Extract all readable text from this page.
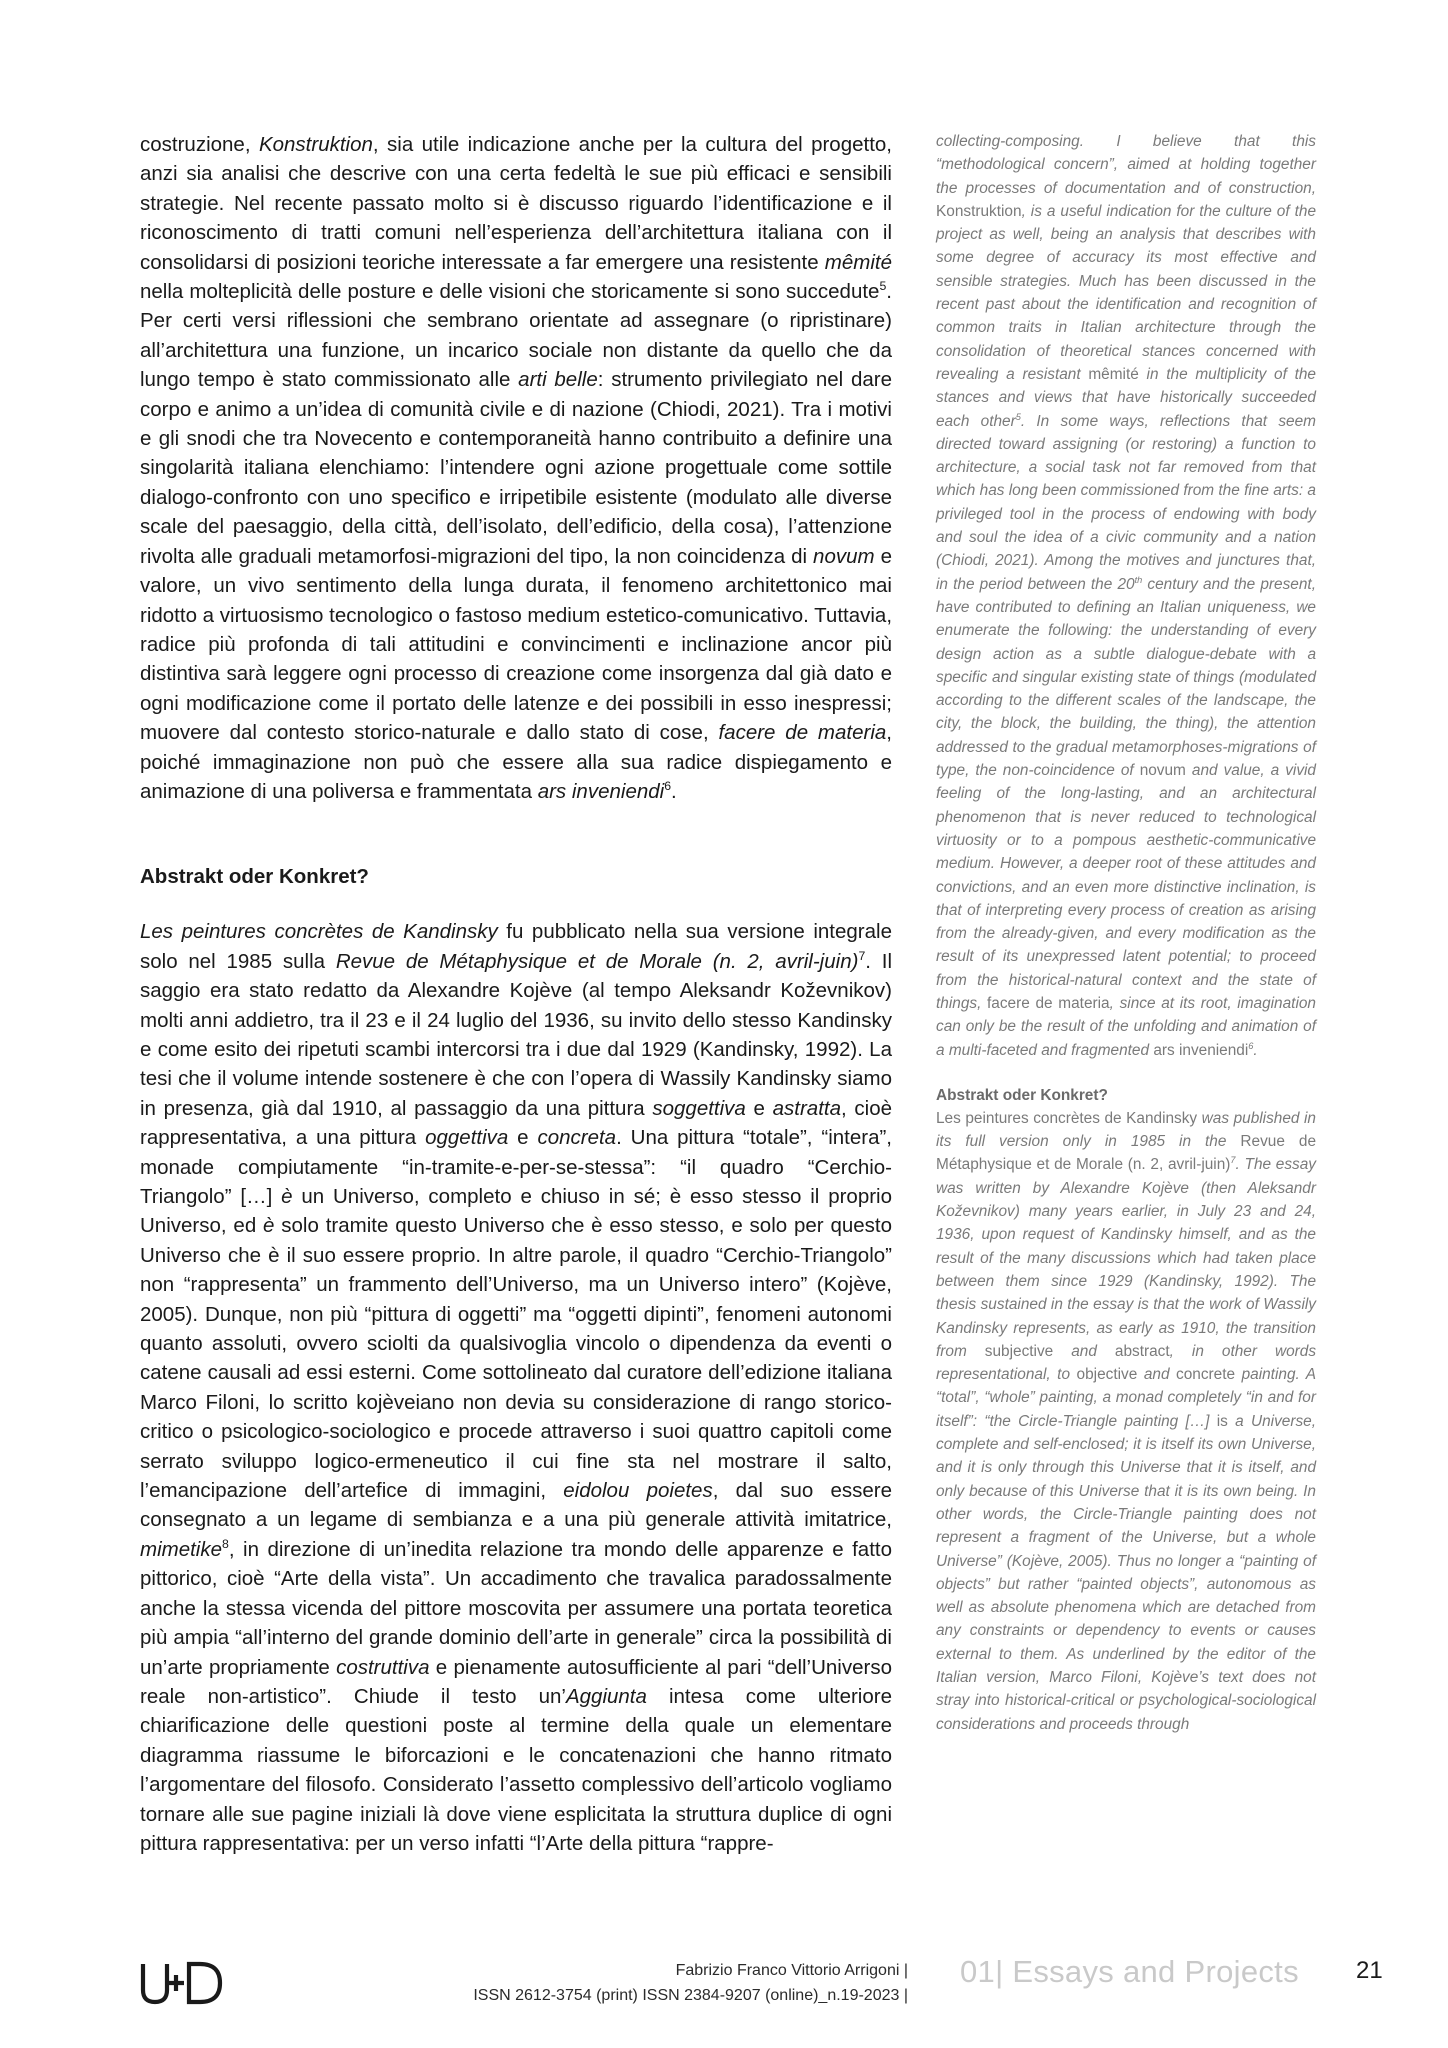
costruzione, Konstruktion, sia utile indicazione anche per la cultura del progetto, anzi sia analisi che descrive con una certa fedeltà le sue più efficaci e sensibili strategie. Nel recente passato molto si è discusso riguardo l’identificazione e il riconoscimento di tratti comuni nell’esperienza dell’architettura italiana con il consolidarsi di posizioni teoriche interessate a far emergere una resistente mêmité nella molteplicità delle posture e delle visioni che storicamente si sono succedute$^5$. Per certi versi riflessioni che sembrano orientate ad assegnare (o ripristinare) all’architettura una funzione, un incarico sociale non distante da quello che da lungo tempo è stato commissionato alle arti belle: strumento privilegiato nel dare corpo e animo a un’idea di comunità civile e di nazione (Chiodi, 2021). Tra i motivi e gli snodi che tra Novecento e contemporaneità hanno contribuito a definire una singolarità italiana elenchiamo: l’intendere ogni azione progettuale come sottile dialogo-confronto con uno specifico e irripetibile esistente (modulato alle diverse scale del paesaggio, della città, dell’isolato, dell’edificio, della cosa), l’attenzione rivolta alle graduali metamorfosi-migrazioni del tipo, la non coincidenza di novum e valore, un vivo sentimento della lunga durata, il fenomeno architettonico mai ridotto a virtuosismo tecnologico o fastoso medium estetico-comunicativo. Tuttavia, radice più profonda di tali attitudini e convincimenti e inclinazione ancor più distintiva sarà leggere ogni processo di creazione come insorgenza dal già dato e ogni modificazione come il portato delle latenze e dei possibili in esso inespressi; muovere dal contesto storico-naturale e dallo stato di cose, facere de materia, poiché immaginazione non può che essere alla sua radice dispiegamento e animazione di una poliversa e frammentata ars inveniendi$^6$.

Abstrakt oder Konkret?

Les peintures concrètes de Kandinsky fu pubblicato nella sua versione integrale solo nel 1985 sulla Revue de Métaphysique et de Morale (n. 2, avril-juin)$^7$. Il saggio era stato redatto da Alexandre Kojève (al tempo Aleksandr Koževnikov) molti anni addietro, tra il 23 e il 24 luglio del 1936, su invito dello stesso Kandinsky e come esito dei ripetuti scambi intercorsi tra i due dal 1929 (Kandinsky, 1992). La tesi che il volume intende sostenere è che con l’opera di Wassily Kandinsky siamo in presenza, già dal 1910, al passaggio da una pittura soggettiva e astratta, cioè rappresentativa, a una pittura oggettiva e concreta. Una pittura “totale”, “intera”, monade compiutamente “in-tramite-e-per-se-stessa”: “il quadro “Cerchio-Triangolo” […] è un Universo, completo e chiuso in sé; è esso stesso il proprio Universo, ed è solo tramite questo Universo che è esso stesso, e solo per questo Universo che è il suo essere proprio. In altre parole, il quadro “Cerchio-Triangolo” non “rappresenta” un frammento dell’Universo, ma un Universo intero” (Kojève, 2005). Dunque, non più “pittura di oggetti” ma “oggetti dipinti”, fenomeni autonomi quanto assoluti, ovvero sciolti da qualsivoglia vincolo o dipendenza da eventi o catene causali ad essi esterni. Come sottolineato dal curatore dell’edizione italiana Marco Filoni, lo scritto kojèveiano non devia su considerazione di rango storico-critico o psicologico-sociologico e procede attraverso i suoi quattro capitoli come serrato sviluppo logico-ermeneutico il cui fine sta nel mostrare il salto, l’emancipazione dell’artefice di immagini, eidolou poietes, dal suo essere consegnato a un legame di sembianza e a una più generale attività imitatrice, mimetike$^8$, in direzione di un’inedita relazione tra mondo delle apparenze e fatto pittorico, cioè “Arte della vista”. Un accadimento che travalica paradossalmente anche la stessa vicenda del pittore moscovita per assumere una portata teoretica più ampia “all’interno del grande dominio dell’arte in generale” circa la possibilità di un’arte propriamente costruttiva e pienamente autosufficiente al pari “dell’Universo reale non-artistico”. Chiude il testo un’Aggiunta intesa come ulteriore chiarificazione delle questioni poste al termine della quale un elementare diagramma riassume le biforcazioni e le concatenazioni che hanno ritmato l’argomentare del filosofo. Considerato l’assetto complessivo dell’articolo vogliamo tornare alle sue pagine iniziali là dove viene esplicitata la struttura duplice di ogni pittura rappresentativa: per un verso infatti “l’Arte della pittura “rappre-

collecting-composing. I believe that this “methodological concern”, aimed at holding together the processes of documentation and of construction, Konstruktion, is a useful indication for the culture of the project as well, being an analysis that describes with some degree of accuracy its most effective and sensible strategies. Much has been discussed in the recent past about the identification and recognition of common traits in Italian architecture through the consolidation of theoretical stances concerned with revealing a resistant mêmité in the multiplicity of the stances and views that have historically succeeded each other$^5$. In some ways, reflections that seem directed toward assigning (or restoring) a function to architecture, a social task not far removed from that which has long been commissioned from the fine arts: a privileged tool in the process of endowing with body and soul the idea of a civic community and a nation (Chiodi, 2021). Among the motives and junctures that, in the period between the 20th century and the present, have contributed to defining an Italian uniqueness, we enumerate the following: the understanding of every design action as a subtle dialogue-debate with a specific and singular existing state of things (modulated according to the different scales of the landscape, the city, the block, the building, the thing), the attention addressed to the gradual metamorphoses-migrations of type, the non-coincidence of novum and value, a vivid feeling of the long-lasting, and an architectural phenomenon that is never reduced to technological virtuosity or to a pompous aesthetic-communicative medium. However, a deeper root of these attitudes and convictions, and an even more distinctive inclination, is that of interpreting every process of creation as arising from the already-given, and every modification as the result of its unexpressed latent potential; to proceed from the historical-natural context and the state of things, facere de materia, since at its root, imagination can only be the result of the unfolding and animation of a multi-faceted and fragmented ars inveniendi$^6$.

Abstrakt oder Konkret?

Les peintures concrètes de Kandinsky was published in its full version only in 1985 in the Revue de Métaphysique et de Morale (n. 2, avril-juin)$^7$. The essay was written by Alexandre Kojève (then Aleksandr Koževnikov) many years earlier, in July 23 and 24, 1936, upon request of Kandinsky himself, and as the result of the many discussions which had taken place between them since 1929 (Kandinsky, 1992). The thesis sustained in the essay is that the work of Wassily Kandinsky represents, as early as 1910, the transition from subjective and abstract, in other words representational, to objective and concrete painting. A “total”, “whole” painting, a monad completely “in and for itself”: “the Circle-Triangle painting […] is a Universe, complete and self-enclosed; it is itself its own Universe, and it is only through this Universe that it is itself, and only because of this Universe that it is its own being. In other words, the Circle-Triangle painting does not represent a fragment of the Universe, but a whole Universe” (Kojève, 2005). Thus no longer a “painting of objects” but rather “painted objects”, autonomous as well as absolute phenomena which are detached from any constraints or dependency to events or causes external to them. As underlined by the editor of the Italian version, Marco Filoni, Kojève’s text does not stray into historical-critical or psychological-sociological considerations and proceeds through

Fabrizio Franco Vittorio Arrigoni |
ISSN 2612-3754 (print) ISSN 2384-9207 (online)_n.19-2023 |
01| Essays and Projects 21
